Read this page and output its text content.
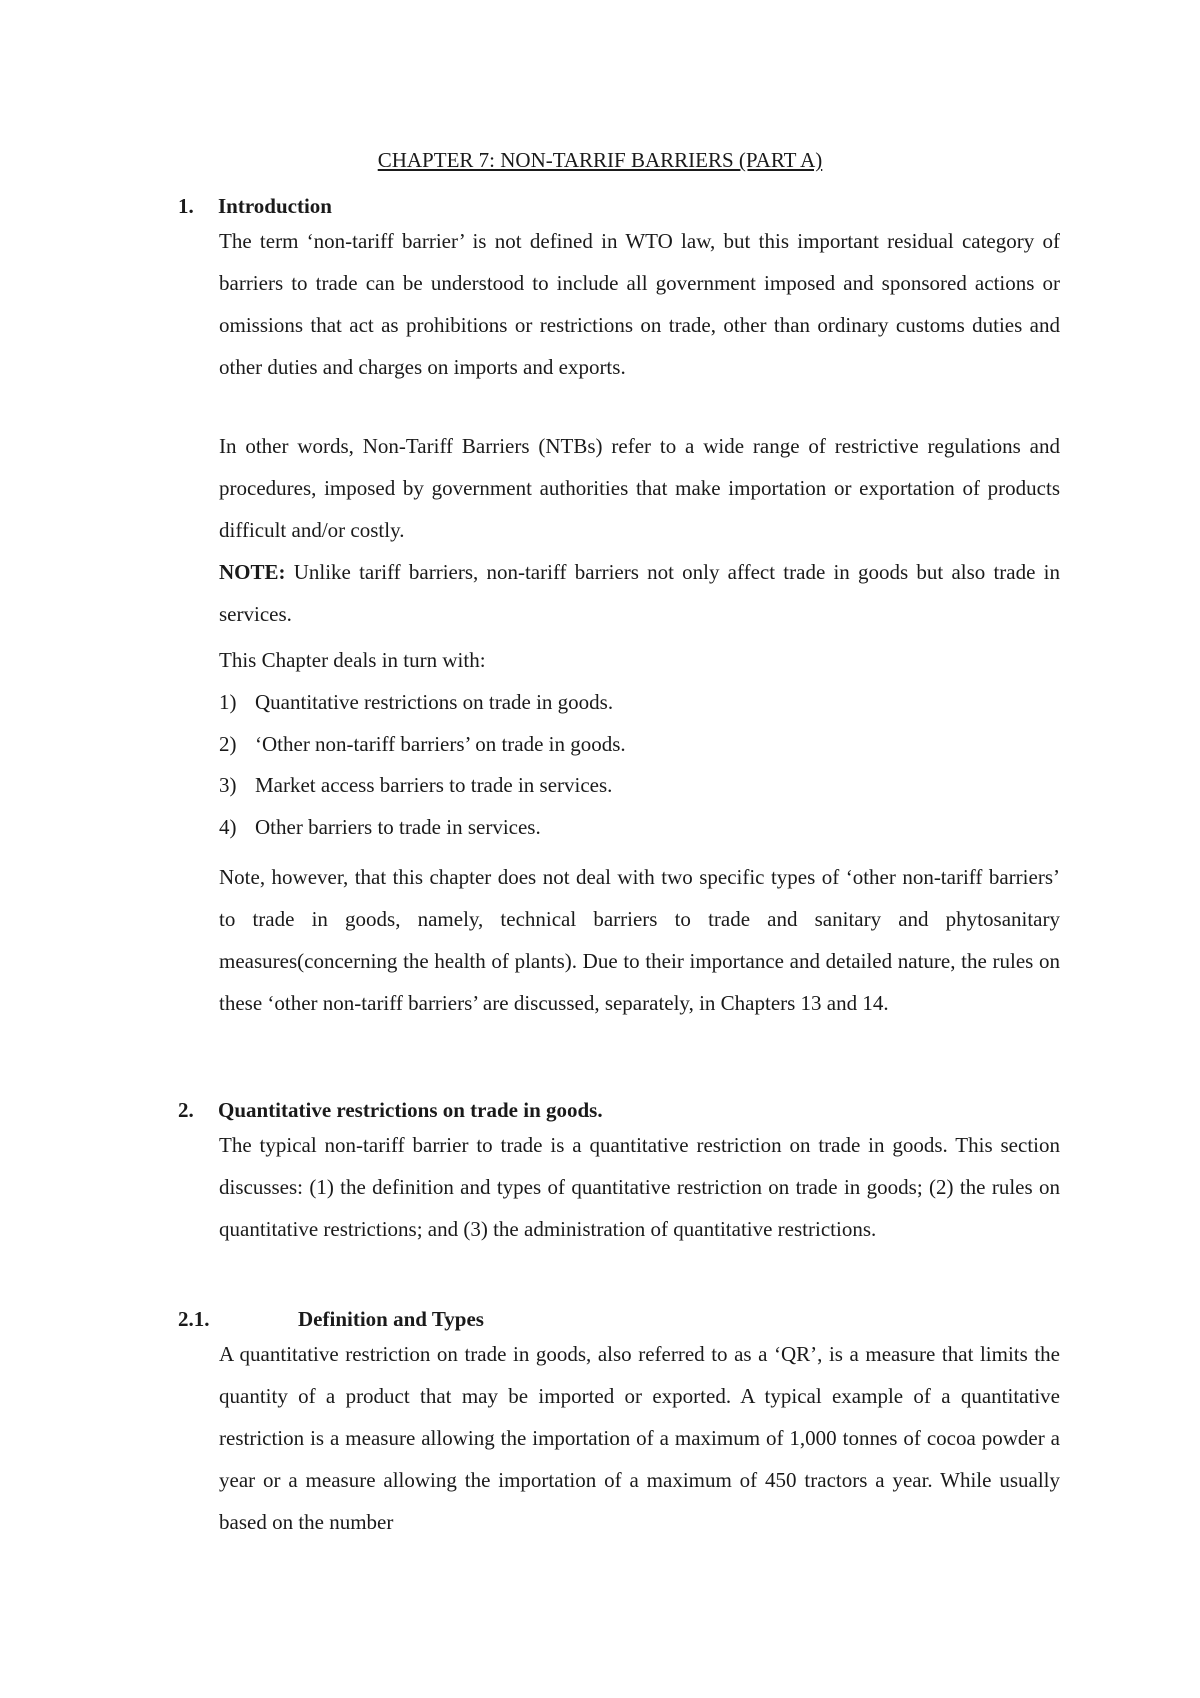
CHAPTER 7: NON-TARRIF BARRIERS (PART A)
1. Introduction

The term ‘non-tariff barrier’ is not defined in WTO law, but this important residual category of barriers to trade can be understood to include all government imposed and sponsored actions or omissions that act as prohibitions or restrictions on trade, other than ordinary customs duties and other duties and charges on imports and exports.

In other words, Non-Tariff Barriers (NTBs) refer to a wide range of restrictive regulations and procedures, imposed by government authorities that make importation or exportation of products difficult and/or costly.

NOTE: Unlike tariff barriers, non-tariff barriers not only affect trade in goods but also trade in services.

This Chapter deals in turn with:
1) Quantitative restrictions on trade in goods.
2) ‘Other non-tariff barriers’ on trade in goods.
3) Market access barriers to trade in services.
4) Other barriers to trade in services.

Note, however, that this chapter does not deal with two specific types of ‘other non-tariff barriers’ to trade in goods, namely, technical barriers to trade and sanitary and phytosanitary measures(concerning the health of plants). Due to their importance and detailed nature, the rules on these ‘other non-tariff barriers’ are discussed, separately, in Chapters 13 and 14.

2. Quantitative restrictions on trade in goods.

The typical non-tariff barrier to trade is a quantitative restriction on trade in goods. This section discusses: (1) the definition and types of quantitative restriction on trade in goods; (2) the rules on quantitative restrictions; and (3) the administration of quantitative restrictions.

2.1.	Definition and Types

A quantitative restriction on trade in goods, also referred to as a ‘QR’, is a measure that limits the quantity of a product that may be imported or exported. A typical example of a quantitative restriction is a measure allowing the importation of a maximum of 1,000 tonnes of cocoa powder a year or a measure allowing the importation of a maximum of 450 tractors a year. While usually based on the number
